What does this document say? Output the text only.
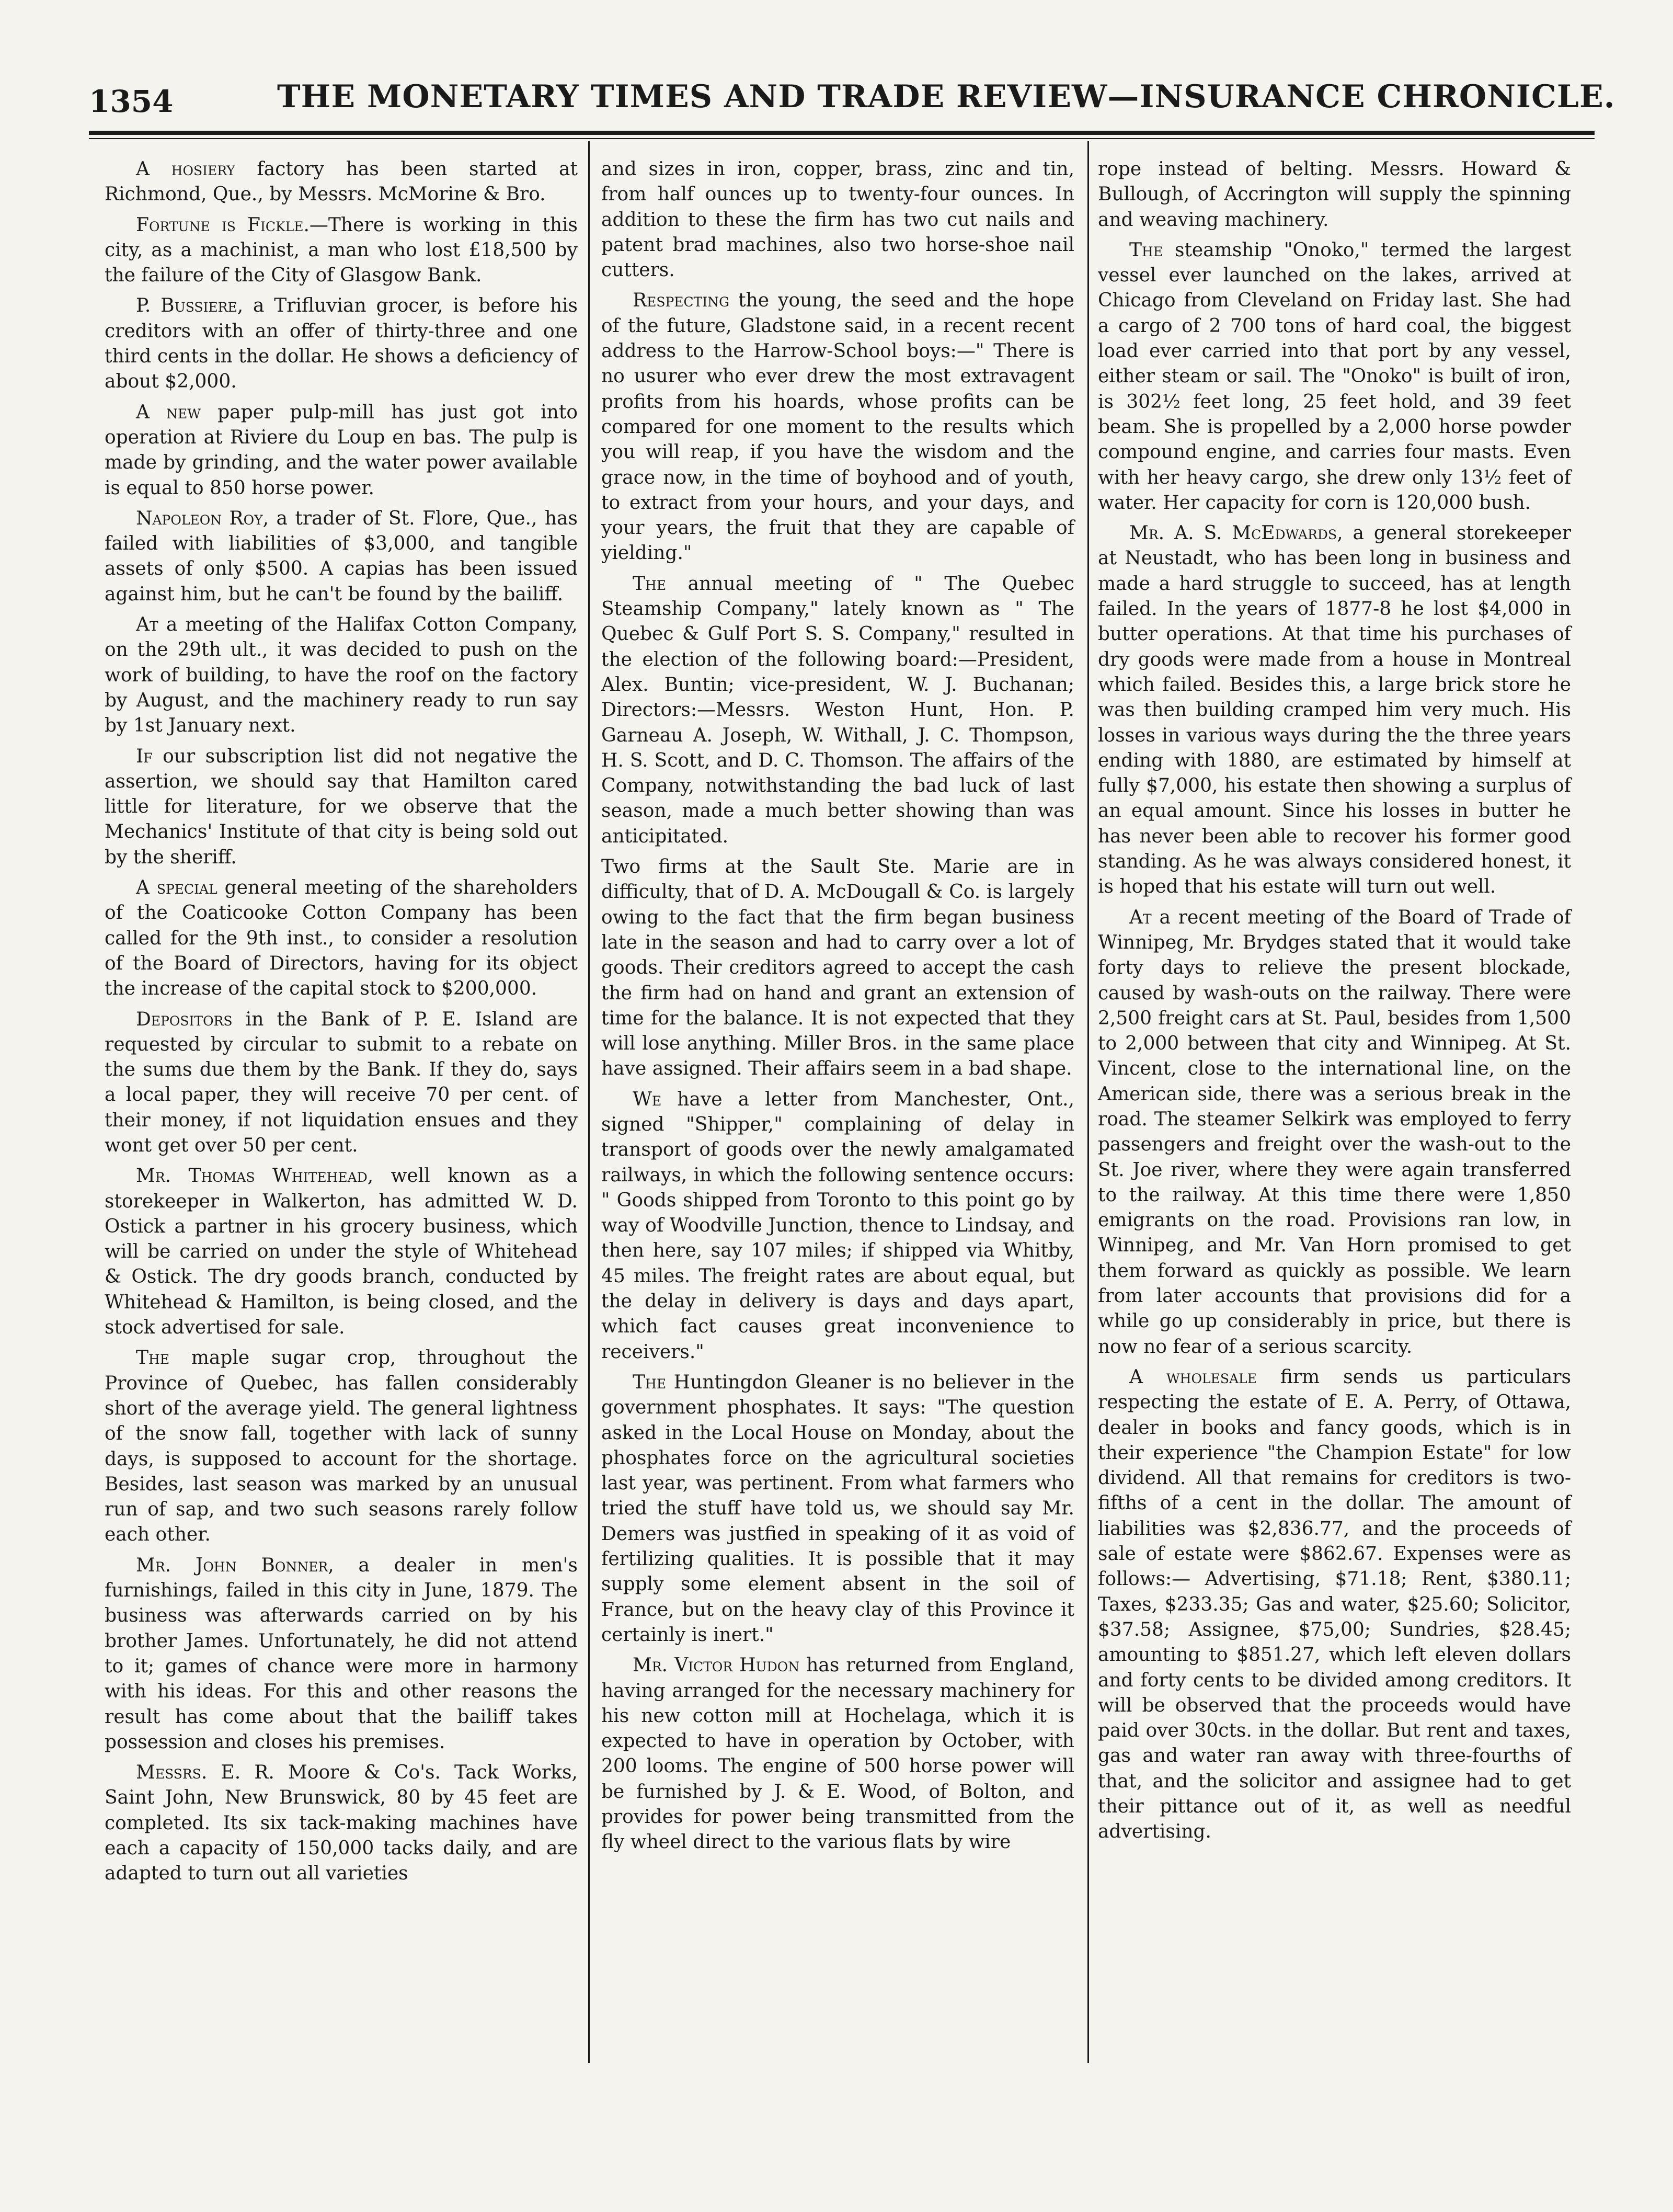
1354	THE MONETARY TIMES AND TRADE REVIEW—INSURANCE CHRONICLE.

A hosiery factory has been started at Richmond, Que., by Messrs. McMorine & Bro.

Fortune is Fickle.—There is working in this city, as a machinist, a man who lost £18,500 by the failure of the City of Glasgow Bank.

P. Bussiere, a Trifluvian grocer, is before his creditors with an offer of thirty-three and one third cents in the dollar. He shows a deficiency of about $2,000.

A new paper pulp-mill has just got into operation at Riviere du Loup en bas. The pulp is made by grinding, and the water power available is equal to 850 horse power.

Napoleon Roy, a trader of St. Flore, Que., has failed with liabilities of $3,000, and tangible assets of only $500. A capias has been issued against him, but he can't be found by the bailiff.

At a meeting of the Halifax Cotton Company, on the 29th ult., it was decided to push on the work of building, to have the roof on the factory by August, and the machinery ready to run say by 1st January next.

If our subscription list did not negative the assertion, we should say that Hamilton cared little for literature, for we observe that the Mechanics' Institute of that city is being sold out by the sheriff.

A special general meeting of the shareholders of the Coaticooke Cotton Company has been called for the 9th inst., to consider a resolution of the Board of Directors, having for its object the increase of the capital stock to $200,000.

Depositors in the Bank of P. E. Island are requested by circular to submit to a rebate on the sums due them by the Bank. If they do, says a local paper, they will receive 70 per cent. of their money, if not liquidation ensues and they wont get over 50 per cent.

Mr. Thomas Whitehead, well known as a storekeeper in Walkerton, has admitted W. D. Ostick a partner in his grocery business, which will be carried on under the style of Whitehead & Ostick. The dry goods branch, conducted by Whitehead & Hamilton, is being closed, and the stock advertised for sale.

The maple sugar crop, throughout the Province of Quebec, has fallen considerably short of the average yield. The general lightness of the snow fall, together with lack of sunny days, is supposed to account for the shortage. Besides, last season was marked by an unusual run of sap, and two such seasons rarely follow each other.

Mr. John Bonner, a dealer in men's furnishings, failed in this city in June, 1879. The business was afterwards carried on by his brother James. Unfortunately, he did not attend to it; games of chance were more in harmony with his ideas. For this and other reasons the result has come about that the bailiff takes possession and closes his premises.

Messrs. E. R. Moore & Co's. Tack Works, Saint John, New Brunswick, 80 by 45 feet are completed. Its six tack-making machines have each a capacity of 150,000 tacks daily, and are adapted to turn out all varieties

and sizes in iron, copper, brass, zinc and tin, from half ounces up to twenty-four ounces. In addition to these the firm has two cut nails and patent brad machines, also two horse-shoe nail cutters.

Respecting the young, the seed and the hope of the future, Gladstone said, in a recent recent address to the Harrow-School boys:—" There is no usurer who ever drew the most extravagent profits from his hoards, whose profits can be compared for one moment to the results which you will reap, if you have the wisdom and the grace now, in the time of boyhood and of youth, to extract from your hours, and your days, and your years, the fruit that they are capable of yielding."

The annual meeting of " The Quebec Steamship Company," lately known as " The Quebec & Gulf Port S. S. Company," resulted in the election of the following board:—President, Alex. Buntin; vice-president, W. J. Buchanan; Directors:—Messrs. Weston Hunt, Hon. P. Garneau A. Joseph, W. Withall, J. C. Thompson, H. S. Scott, and D. C. Thomson. The affairs of the Company, notwithstanding the bad luck of last season, made a much better showing than was anticipitated.

Two firms at the Sault Ste. Marie are in difficulty, that of D. A. McDougall & Co. is largely owing to the fact that the firm began business late in the season and had to carry over a lot of goods. Their creditors agreed to accept the cash the firm had on hand and grant an extension of time for the balance. It is not expected that they will lose anything. Miller Bros. in the same place have assigned. Their affairs seem in a bad shape.

We have a letter from Manchester, Ont., signed "Shipper," complaining of delay in transport of goods over the newly amalgamated railways, in which the following sentence occurs: " Goods shipped from Toronto to this point go by way of Woodville Junction, thence to Lindsay, and then here, say 107 miles; if shipped via Whitby, 45 miles. The freight rates are about equal, but the delay in delivery is days and days apart, which fact causes great inconvenience to receivers."

The Huntingdon Gleaner is no believer in the government phosphates. It says: "The question asked in the Local House on Monday, about the phosphates force on the agricultural societies last year, was pertinent. From what farmers who tried the stuff have told us, we should say Mr. Demers was justfied in speaking of it as void of fertilizing qualities. It is possible that it may supply some element absent in the soil of France, but on the heavy clay of this Province it certainly is inert."

Mr. Victor Hudon has returned from England, having arranged for the necessary machinery for his new cotton mill at Hochelaga, which it is expected to have in operation by October, with 200 looms. The engine of 500 horse power will be furnished by J. & E. Wood, of Bolton, and provides for power being transmitted from the fly wheel direct to the various flats by wire

rope instead of belting. Messrs. Howard & Bullough, of Accrington will supply the spinning and weaving machinery.

The steamship "Onoko," termed the largest vessel ever launched on the lakes, arrived at Chicago from Cleveland on Friday last. She had a cargo of 2 700 tons of hard coal, the biggest load ever carried into that port by any vessel, either steam or sail. The "Onoko" is built of iron, is 302½ feet long, 25 feet hold, and 39 feet beam. She is propelled by a 2,000 horse powder compound engine, and carries four masts. Even with her heavy cargo, she drew only 13½ feet of water. Her capacity for corn is 120,000 bush.

Mr. A. S. McEdwards, a general storekeeper at Neustadt, who has been long in business and made a hard struggle to succeed, has at length failed. In the years of 1877-8 he lost $4,000 in butter operations. At that time his purchases of dry goods were made from a house in Montreal which failed. Besides this, a large brick store he was then building cramped him very much. His losses in various ways during the the three years ending with 1880, are estimated by himself at fully $7,000, his estate then showing a surplus of an equal amount. Since his losses in butter he has never been able to recover his former good standing. As he was always considered honest, it is hoped that his estate will turn out well.

At a recent meeting of the Board of Trade of Winnipeg, Mr. Brydges stated that it would take forty days to relieve the present blockade, caused by wash-outs on the railway. There were 2,500 freight cars at St. Paul, besides from 1,500 to 2,000 between that city and Winnipeg. At St. Vincent, close to the international line, on the American side, there was a serious break in the road. The steamer Selkirk was employed to ferry passengers and freight over the wash-out to the St. Joe river, where they were again transferred to the railway. At this time there were 1,850 emigrants on the road. Provisions ran low, in Winnipeg, and Mr. Van Horn promised to get them forward as quickly as possible. We learn from later accounts that provisions did for a while go up considerably in price, but there is now no fear of a serious scarcity.

A wholesale firm sends us particulars respecting the estate of E. A. Perry, of Ottawa, dealer in books and fancy goods, which is in their experience "the Champion Estate" for low dividend. All that remains for creditors is two-fifths of a cent in the dollar. The amount of liabilities was $2,836.77, and the proceeds of sale of estate were $862.67. Expenses were as follows:— Advertising, $71.18; Rent, $380.11; Taxes, $233.35; Gas and water, $25.60; Solicitor, $37.58; Assignee, $75,00; Sundries, $28.45; amounting to $851.27, which left eleven dollars and forty cents to be divided among creditors. It will be observed that the proceeds would have paid over 30cts. in the dollar. But rent and taxes, gas and water ran away with three-fourths of that, and the solicitor and assignee had to get their pittance out of it, as well as needful advertising.
